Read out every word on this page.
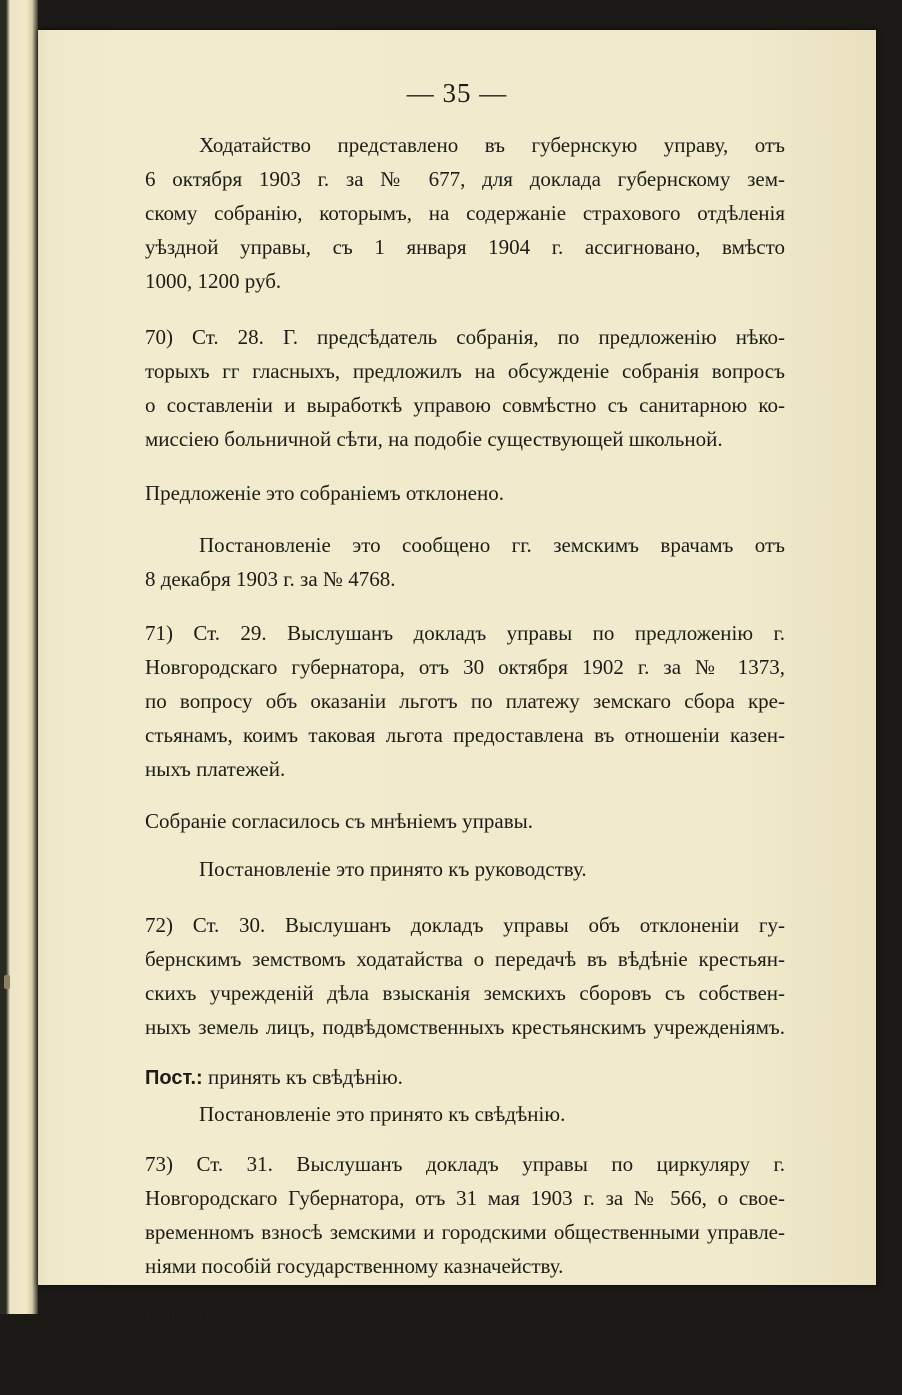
— 35 —
Ходатайство представлено въ губернскую управу, отъ
6 октября 1903 г. за № 677, для доклада губернскому зем-
скому собранію, которымъ, на содержаніе страхового отдѣленія
уѣздной управы, съ 1 января 1904 г. ассигновано, вмѣсто
1000, 1200 руб.
70) Ст. 28. Г. предсѣдатель собранія, по предложенію нѣко-
торыхъ гг гласныхъ, предложилъ на обсужденіе собранія вопросъ
о составленіи и выработкѣ управою совмѣстно съ санитарною ко-
миссіею больничной сѣти, на подобіе существующей школьной.
Предложеніе это собраніемъ отклонено.
Постановленіе это сообщено гг. земскимъ врачамъ отъ
8 декабря 1903 г. за № 4768.
71) Ст. 29. Выслушанъ докладъ управы по предложенію г.
Новгородскаго губернатора, отъ 30 октября 1902 г. за № 1373,
по вопросу объ оказаніи льготъ по платежу земскаго сбора кре-
стьянамъ, коимъ таковая льгота предоставлена въ отношеніи казен-
ныхъ платежей.
Собраніе согласилось съ мнѣніемъ управы.
Постановленіе это принято къ руководству.
72) Ст. 30. Выслушанъ докладъ управы объ отклоненіи гу-
бернскимъ земствомъ ходатайства о передачѣ въ вѣдѣніе крестьян-
скихъ учрежденій дѣла взысканія земскихъ сборовъ съ собствен-
ныхъ земель лицъ, подвѣдомственныхъ крестьянскимъ учрежденіямъ.
Пост.: принять къ свѣдѣнію.
Постановленіе это принято къ свѣдѣнію.
73) Ст. 31. Выслушанъ докладъ управы по циркуляру г.
Новгородскаго Губернатора, отъ 31 мая 1903 г. за № 566, о свое-
временномъ взносѣ земскими и городскими общественными управле-
ніями пособій государственному казначейству.
Принято къ свѣдѣнію.
Постановленіе это принято къ свѣдѣнію.
